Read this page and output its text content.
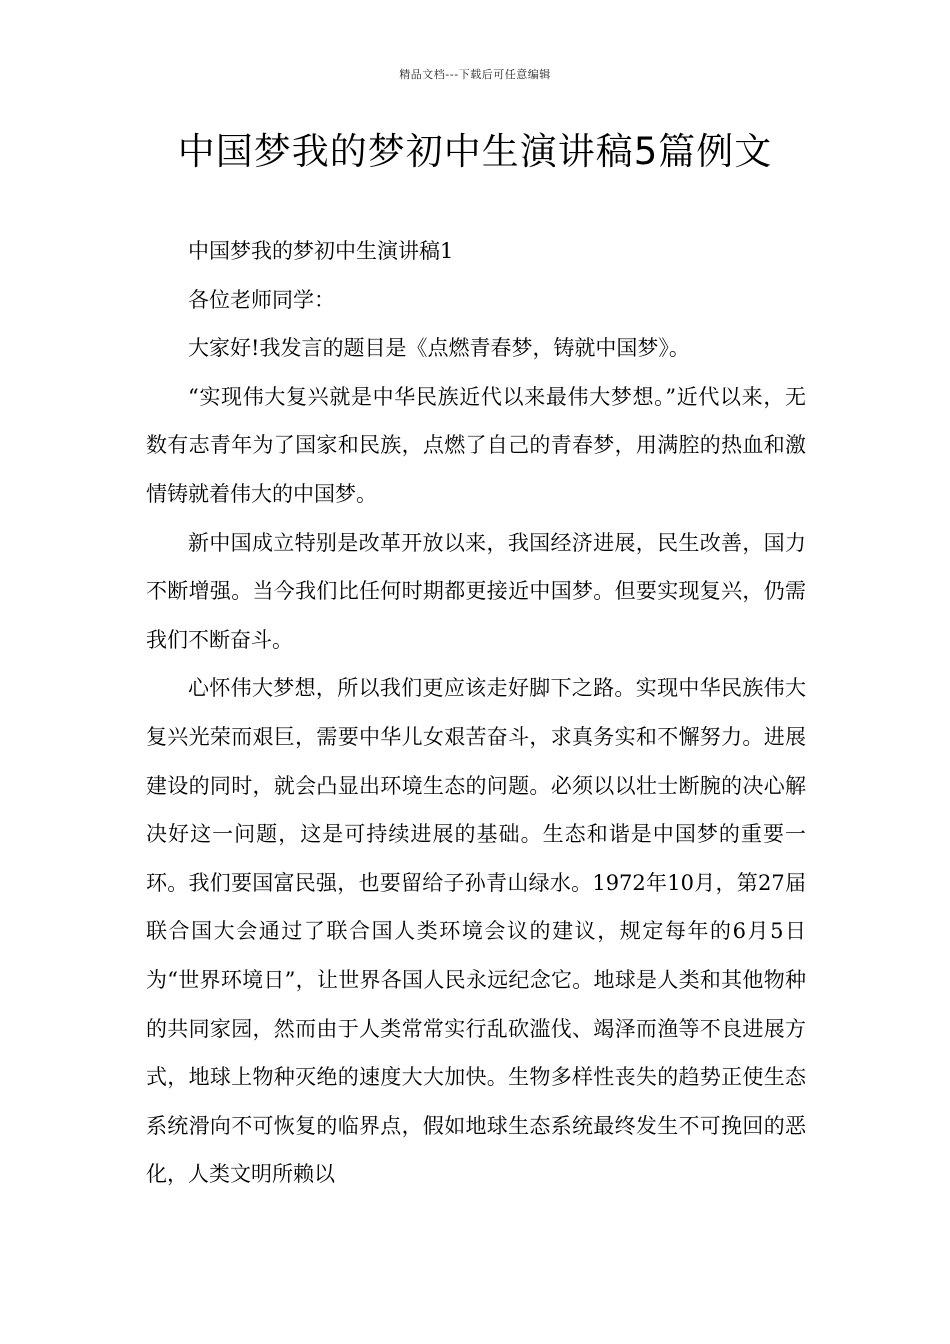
精品文档---下载后可任意编辑
中国梦我的梦初中生演讲稿5篇例文

中国梦我的梦初中生演讲稿1

各位老师同学：

大家好!我发言的题目是《点燃青春梦，铸就中国梦》。

“实现伟大复兴就是中华民族近代以来最伟大梦想。”近代以来，无数有志青年为了国家和民族，点燃了自己的青春梦，用满腔的热血和激情铸就着伟大的中国梦。

新中国成立特别是改革开放以来，我国经济进展，民生改善，国力不断增强。当今我们比任何时期都更接近中国梦。但要实现复兴，仍需我们不断奋斗。

心怀伟大梦想，所以我们更应该走好脚下之路。实现中华民族伟大复兴光荣而艰巨，需要中华儿女艰苦奋斗，求真务实和不懈努力。进展建设的同时，就会凸显出环境生态的问题。必须以以壮士断腕的决心解决好这一问题，这是可持续进展的基础。生态和谐是中国梦的重要一环。我们要国富民强，也要留给子孙青山绿水。1972年10月，第27届联合国大会通过了联合国人类环境会议的建议，规定每年的6月5日为“世界环境日”，让世界各国人民永远纪念它。地球是人类和其他物种的共同家园，然而由于人类常常实行乱砍滥伐、竭泽而渔等不良进展方式，地球上物种灭绝的速度大大加快。生物多样性丧失的趋势正使生态系统滑向不可恢复的临界点，假如地球生态系统最终发生不可挽回的恶化，人类文明所赖以
